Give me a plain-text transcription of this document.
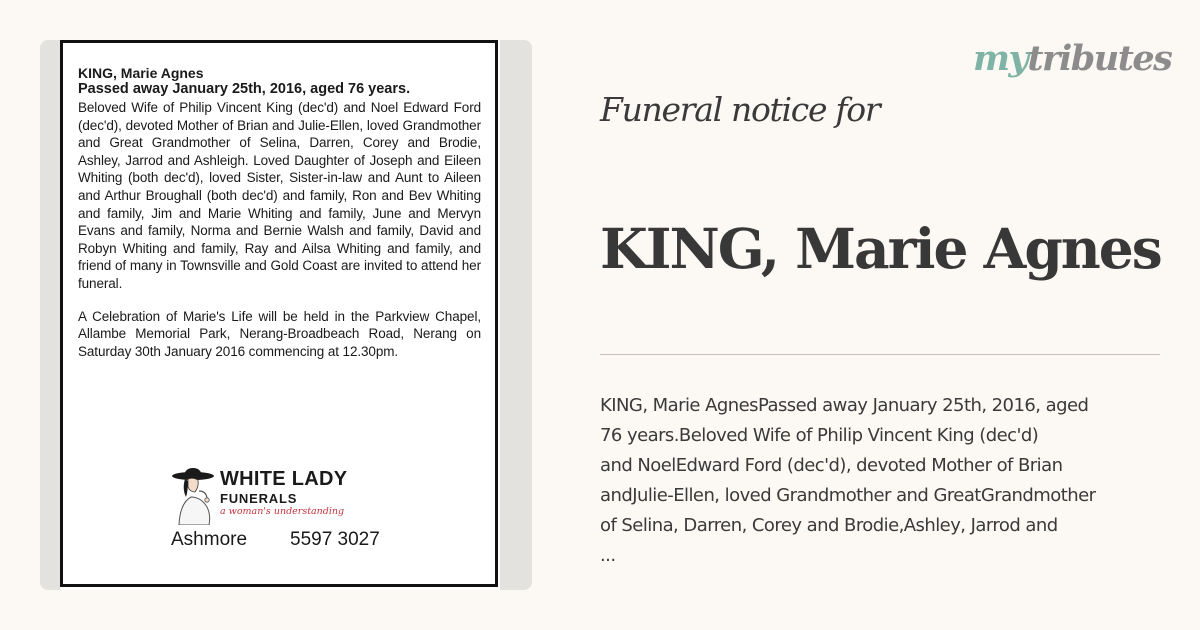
KING, Marie Agnes
Passed away January 25th, 2016, aged 76 years.
Beloved Wife of Philip Vincent King (dec'd) and Noel Edward Ford (dec'd), devoted Mother of Brian and Julie-Ellen, loved Grandmother and Great Grandmother of Selina, Darren, Corey and Brodie, Ashley, Jarrod and Ashleigh. Loved Daughter of Joseph and Eileen Whiting (both dec'd), loved Sister, Sister-in-law and Aunt to Aileen and Arthur Broughall (both dec'd) and family, Ron and Bev Whiting and family, Jim and Marie Whiting and family, June and Mervyn Evans and family, Norma and Bernie Walsh and family, David and Robyn Whiting and family, Ray and Ailsa Whiting and family, and friend of many in Townsville and Gold Coast are invited to attend her funeral.
A Celebration of Marie's Life will be held in the Parkview Chapel, Allambe Memorial Park, Nerang-Broadbeach Road, Nerang on Saturday 30th January 2016 commencing at 12.30pm.
WHITE LADY
FUNERALS
a woman's understanding
Ashmore 5597 3027
mytributes
Funeral notice for
KING, Marie Agnes
KING, Marie AgnesPassed away January 25th, 2016, aged
76 years.Beloved Wife of Philip Vincent King (dec'd)
and NoelEdward Ford (dec'd), devoted Mother of Brian
andJulie-Ellen, loved Grandmother and GreatGrandmother
of Selina, Darren, Corey and Brodie,Ashley, Jarrod and
...
